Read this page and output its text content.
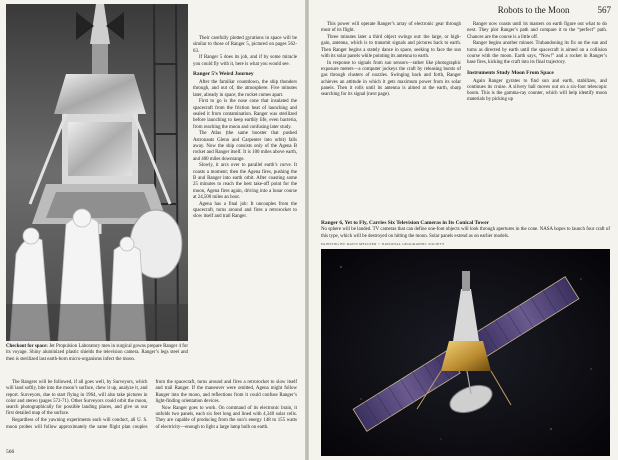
Their carefully plotted gyrations in space will be similar to those of Ranger 5, pictured on pages 562-63.

If Ranger 5 does its job, and if by some miracle you could fly with it, here is what you would see.

Ranger 5’s Weird Journey

After the familiar countdown, the ship thunders through, and out of, the atmosphere. Five minutes later, already in space, the rocket comes apart.

First to go is the nose cone that insulated the spacecraft from the friction heat of launching and sealed it from contamination. Ranger was sterilized before launching to keep earthly life, even bacteria, from reaching the moon and confusing later study.

The Atlas (the same booster that pushed Astronauts Glenn and Carpenter into orbit) falls away. Now the ship consists only of the Agena B rocket and Ranger itself. It is 100 miles above earth, and 400 miles downrange.

Slowly, it arcs over to parallel earth’s curve. It coasts a moment; then the Agena fires, pushing the B and Ranger into earth orbit. After coasting some 25 minutes to reach the best take-off point for the moon, Agena fires again, driving into a lunar course at 24,500 miles an hour.

Agena has a final job: It uncouples from the spacecraft, turns around and fires a retrorocket to slow itself and trail Ranger.

Checkout for space: Jet Propulsion Laboratory men in surgical gowns prepare Ranger 4 for its voyage. Shiny aluminized plastic shields the television camera. Ranger’s legs steel and then is sterilized last earth-born micro-organisms infect the moon.

The Rangers will be followed, if all goes well, by Surveyors, which will land softly, bite into the moon’s surface, chew it up, analyze it, and report. Surveyors, due to start flying in 1964, will also take pictures in color and stereo (pages 572-71). Other Surveyors could orbit the moon, search photographically for possible landing places, and give us our first detailed map of the surface.

Regardless of the yawning experiments each will conduct, all U. S. moon probes will follow approximately the same flight plan couples from the spacecraft, turns around and fires a retrorocket to slow itself and trail Ranger. If the maneuver were omitted, Agena might follow Ranger into the moon, and reflections from it could confuse Ranger’s light-finding orientation devices.

Now Ranger goes to work. On command of its electronic brain, it unfolds two panels, each six feet long and lined with 4,340 solar cells. They are capable of producing from the sun’s energy 148 to 155 watts of electricity—enough to light a large lamp bulb on earth.

566
Robots to the Moon	567

This power will operate Ranger’s array of electronic gear through most of its flight.

Three minutes later a third object swings out: the large, or high-gain, antenna, which is to transmit signals and pictures back to earth. Then Ranger begins a stately dance in space, seeking to face the sun with its solar panels while pointing its antenna to earth.

In response to signals from sun sensors—rather like photographic exposure meters—a computer jockeys the craft by releasing bursts of gas through clusters of nozzles. Swinging back and forth, Ranger achieves an attitude in which it gets maximum power from its solar panels. Then it rolls until its antenna is aimed at the earth, sharp searching for its signal (next page).

Ranger now coasts until its masters on earth figure out what to do next. They plot Ranger’s path and compare it to the “perfect” path. Chances are the course is a little off.

Ranger begins another minuet. Trabandoning its fix on the sun and turns as directed by earth until the spacecraft is aimed on a collision course with the moon. Earth says, “Now!” and a rocket in Ranger’s base fires, kicking the craft into its final trajectory.

Instruments Study Moon From Space

Again Ranger gyrates to find sun and earth, stabilizes, and continues its cruise. A silvery ball moves out on a six-foot telescopic boom. This is the gamma-ray counter, which will help identify moon materials by picking up

Ranger 6, Yet to Fly, Carries Six Television Cameras in Its Conical Tower
No sphere will be landed. TV cameras that can define one-foot objects will look through apertures in the cone. NASA hopes to launch four craft of this type, which will be destroyed on hitting the moon. Solar panels extend as on earlier models.
PAINTING BY DAVIS MELTZER © NATIONAL GEOGRAPHIC SOCIETY
